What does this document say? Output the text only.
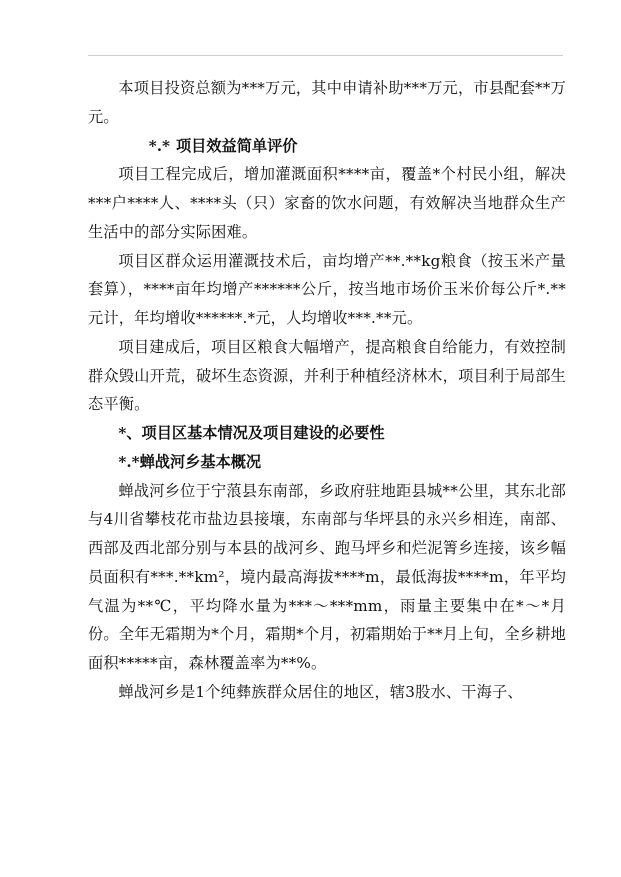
本项目投资总额为***万元，其中申请补助***万元，市县配套**万元。

*.* 项目效益简单评价

项目工程完成后，增加灌溉面积****亩，覆盖*个村民小组，解决***户****人、****头（只）家畜的饮水问题，有效解决当地群众生产生活中的部分实际困难。

项目区群众运用灌溉技术后，亩均增产**.**kg粮食（按玉米产量套算），****亩年均增产******公斤，按当地市场价玉米价每公斤*.**元计，年均增收******.*元，人均增收***.**元。

项目建成后，项目区粮食大幅增产，提高粮食自给能力，有效控制群众毁山开荒，破坏生态资源，并利于种植经济林木，项目利于局部生态平衡。

*、项目区基本情况及项目建设的必要性

*.*蝉战河乡基本概况

蝉战河乡位于宁蒗县东南部，乡政府驻地距县城**公里，其东北部与4川省攀枝花市盐边县接壤，东南部与华坪县的永兴乡相连，南部、西部及西北部分别与本县的战河乡、跑马坪乡和烂泥箐乡连接，该乡幅员面积有***.**km²，境内最高海拔****m，最低海拔****m，年平均气温为**℃，平均降水量为***～***mm，雨量主要集中在*～*月份。全年无霜期为*个月，霜期*个月，初霜期始于**月上旬，全乡耕地面积*****亩，森林覆盖率为**%。

蝉战河乡是1个纯彝族群众居住的地区，辖3股水、干海子、
